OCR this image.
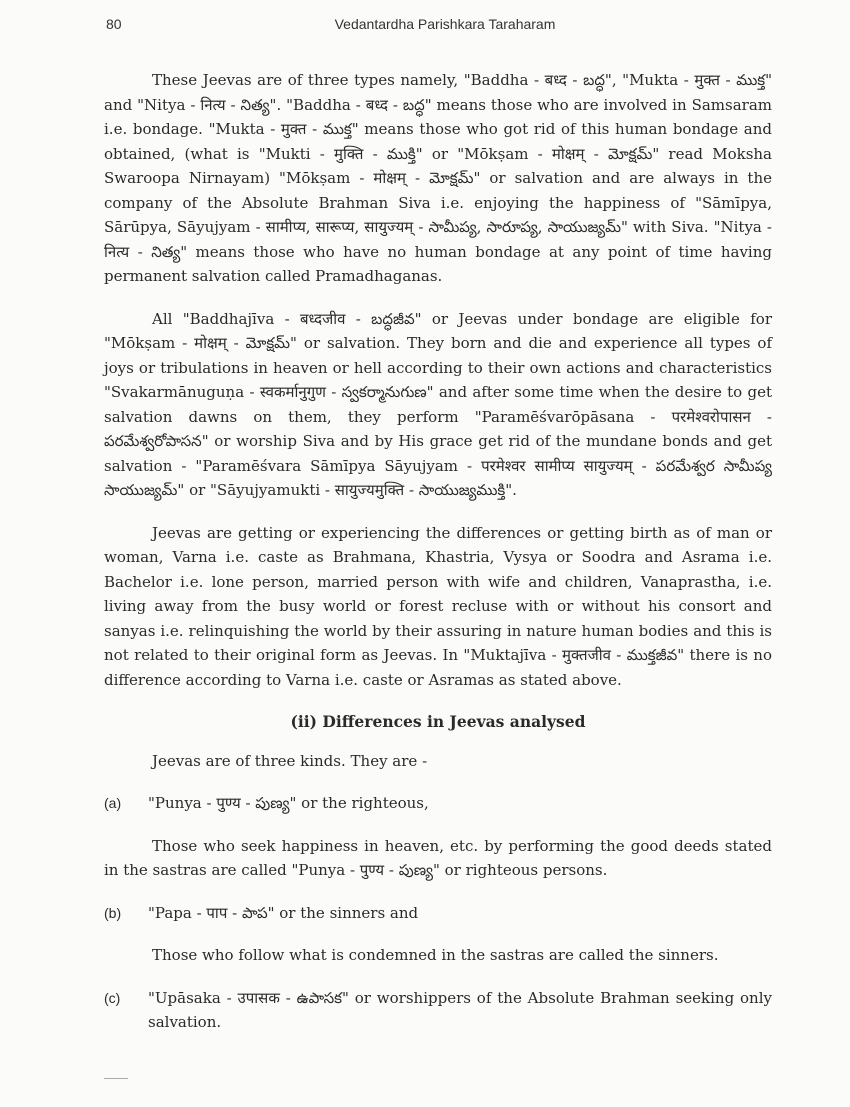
80	Vedantardha Parishkara Taraharam

These Jeevas are of three types namely, "Baddha - बध्द - బద్ధ", "Mukta - मुक्त - ముక్త" and "Nitya - नित्य - నిత్య". "Baddha - बध्द - బద్ధ" means those who are involved in Samsaram i.e. bondage. "Mukta - मुक्त - ముక్త" means those who got rid of this human bondage and obtained, (what is "Mukti - मुक्ति - ముక్తి" or "Mōkṣam - मोक्षम् - మోక్షమ్" read Moksha Swaroopa Nirnayam) "Mōkṣam - मोक्षम् - మోక్షమ్" or salvation and are always in the company of the Absolute Brahman Siva i.e. enjoying the happiness of "Sāmīpya, Sārūpya, Sāyujyam - सामीप्य, सारूप्य, सायुज्यम् - సామీప్య, సారూప్య, సాయుజ్యమ్" with Siva. "Nitya - नित्य - నిత్య" means those who have no human bondage at any point of time having permanent salvation called Pramadhaganas.

All "Baddhajīva - बध्दजीव - బద్ధజీవ" or Jeevas under bondage are eligible for "Mōkṣam - मोक्षम् - మోక్షమ్" or salvation. They born and die and experience all types of joys or tribulations in heaven or hell according to their own actions and characteristics "Svakarmānuguṇa - स्वकर्मानुगुण - స్వకర్మానుగుణ" and after some time when the desire to get salvation dawns on them, they perform "Paramēśvarōpāsana - परमेश्वरोपासन - పరమేశ్వరోపాసన" or worship Siva and by His grace get rid of the mundane bonds and get salvation - "Paramēśvara Sāmīpya Sāyujyam - परमेश्वर सामीप्य सायुज्यम् - పరమేశ్వర సామీప్య సాయుజ్యమ్" or "Sāyujyamukti - सायुज्यमुक्ति - సాయుజ్యముక్తి".

Jeevas are getting or experiencing the differences or getting birth as of man or woman, Varna i.e. caste as Brahmana, Khastria, Vysya or Soodra and Asrama i.e. Bachelor i.e. lone person, married person with wife and children, Vanaprastha, i.e. living away from the busy world or forest recluse with or without his consort and sanyas i.e. relinquishing the world by their assuring in nature human bodies and this is not related to their original form as Jeevas. In "Muktajīva - मुक्तजीव - ముక్తజీవ" there is no difference according to Varna i.e. caste or Asramas as stated above.

(ii) Differences in Jeevas analysed

Jeevas are of three kinds. They are -

(a)	"Punya - पुण्य - పుణ్య" or the righteous,

Those who seek happiness in heaven, etc. by performing the good deeds stated in the sastras are called "Punya - पुण्य - పుణ్య" or righteous persons.

(b)	"Papa - पाप - పాప" or the sinners and

Those who follow what is condemned in the sastras are called the sinners.

(c)	"Upāsaka - उपासक - ఉపాసక" or worshippers of the Absolute Brahman seeking only salvation.
